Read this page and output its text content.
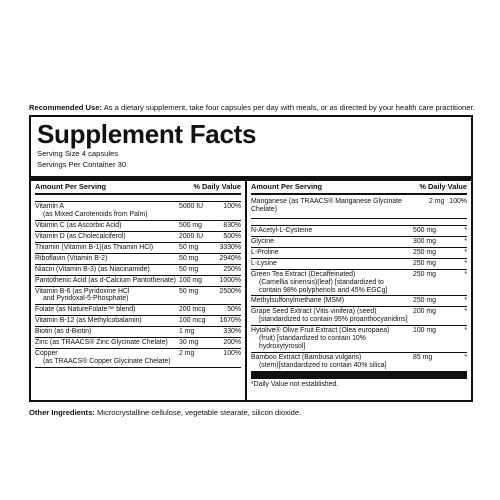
Recommended Use: As a dietary supplement, take four capsules per day with meals, or as directed by your health care practitioner.
Supplement Facts
Serving Size 4 capsules
Servings Per Container 30
Amount Per Serving	% Daily Value
Vitamin A
(as Mixed Carotenoids from Palm)
5000 IU	100%
Vitamin C (as Ascorbic Acid)	500 mg	830%
Vitamin D (as Cholecalciferol)	2000 IU	500%
Thiamin (Vitamin B-1)(as Thiamin HCl)	50 mg	3330%
Riboflavin (Vitamin B-2)	50 mg	2940%
Niacin (Vitamin B-3) (as Niacinamide)	50 mg	250%
Pantothenic Acid (as d-Calcium Pantothenate) 100 mg	1000%
Vitamin B-6 (as Pyridoxine HCl
and Pyridoxal-5-Phosphate)
50 mg	2500%
Folate (as NatureFolate™ blend)	200 mcg	50%
Vitamin B-12 (as Methylcobalamin)	100 mcg	1670%
Biotin (as d-Biotin)	1 mg	330%
Zinc (as TRAACS® Zinc Glycinate Chelate)	30 mg	200%
Copper
(as TRAACS® Copper Glycinate Chelate)
2 mg	100%
Amount Per Serving	% Daily Value
Manganese (as TRAACS® Manganese Glycinate Chelate)
2 mg 100%
N-Acetyl-L-Cysteine	500 mg	*
Glycine	300 mg	*
L-Proline	250 mg	*
L-Lysine	250 mg	*
Green Tea Extract (Decaffeinated)
(Camellia sinensis)(leaf) [standardized to
contain 98% polyphenols and 45% EGCg]
250 mg	*
Methylsulfonylmethane (MSM)	250 mg	*
Grape Seed Extract (Vitis vinifera) (seed)
[standardized to contain 95% proanthocyanidins]
200 mg	*
Hytolive® Olive Fruit Extract (Olea europaea)
(fruit) [standardized to contain 10% hydroxytyrosol]
100 mg	*
Bamboo Extract (Bambusa vulgaris)
(stem)[standardized to contain 40% silica]
85 mg	*
*Daily Value not established.
Other Ingredients: Microcrystalline cellulose, vegetable stearate, silicon dioxide.
